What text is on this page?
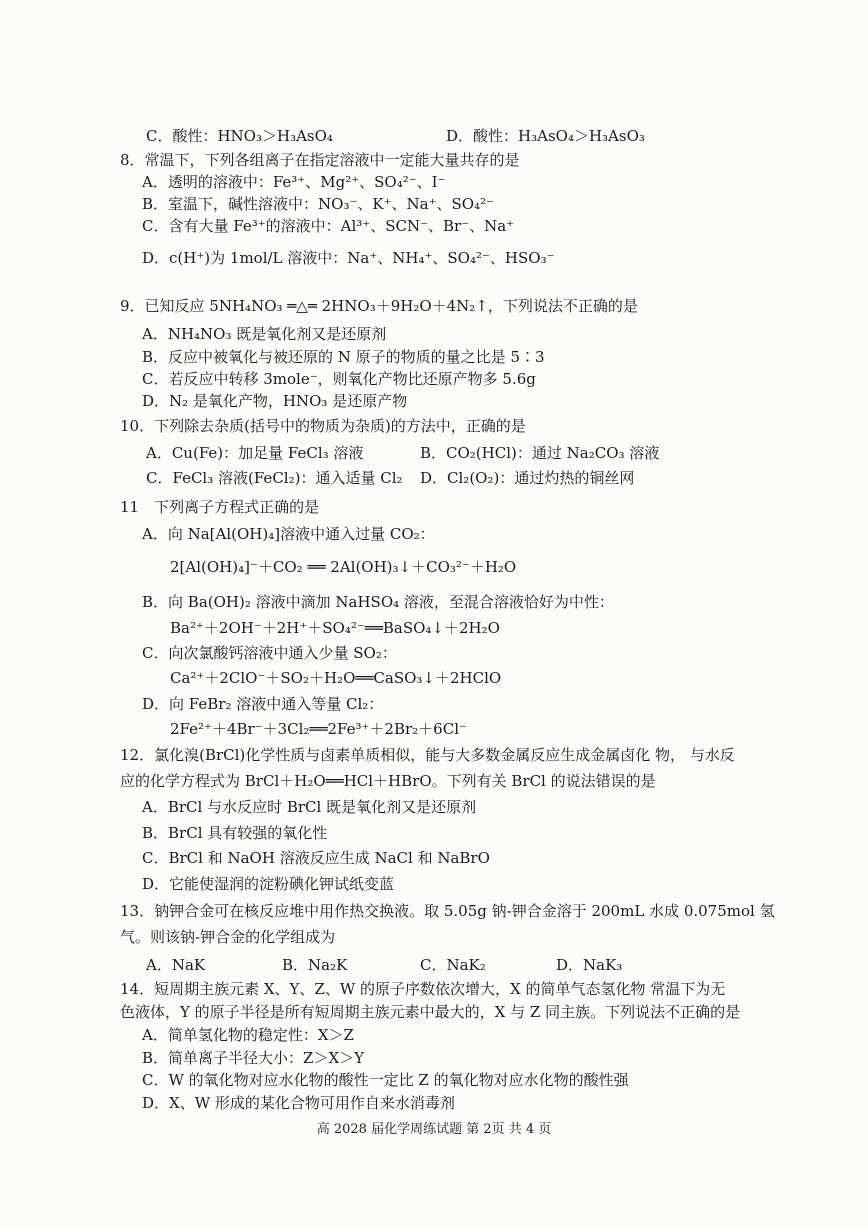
C．酸性：HNO₃＞H₃AsO₄	D．酸性：H₃AsO₄＞H₃AsO₃
8．常温下，下列各组离子在指定溶液中一定能大量共存的是
A．透明的溶液中：Fe³⁺、Mg²⁺、SO₄²⁻、I⁻
B．室温下，碱性溶液中：NO₃⁻、K⁺、Na⁺、SO₄²⁻
C．含有大量 Fe³⁺的溶液中：Al³⁺、SCN⁻、Br⁻、Na⁺
D．c(H⁺)为 1mol/L 溶液中：Na⁺、NH₄⁺、SO₄²⁻、HSO₃⁻
9．已知反应 5NH₄NO₃ ═△═ 2HNO₃＋9H₂O＋4N₂↑，下列说法不正确的是
A．NH₄NO₃ 既是氧化剂又是还原剂
B．反应中被氧化与被还原的 N 原子的物质的量之比是 5∶3
C．若反应中转移 3mole⁻，则氧化产物比还原产物多 5.6g
D．N₂ 是氧化产物，HNO₃ 是还原产物
10．下列除去杂质(括号中的物质为杂质)的方法中，正确的是
A．Cu(Fe)：加足量 FeCl₃ 溶液	B．CO₂(HCl)：通过 Na₂CO₃ 溶液
C．FeCl₃ 溶液(FeCl₂)：通入适量 Cl₂ D．Cl₂(O₂)：通过灼热的铜丝网
11　下列离子方程式正确的是
A．向 Na[Al(OH)₄]溶液中通入过量 CO₂：
2[Al(OH)₄]⁻＋CO₂ ══ 2Al(OH)₃↓＋CO₃²⁻＋H₂O
B．向 Ba(OH)₂ 溶液中滴加 NaHSO₄ 溶液，至混合溶液恰好为中性：
Ba²⁺＋2OH⁻＋2H⁺＋SO₄²⁻══BaSO₄↓＋2H₂O
C．向次氯酸钙溶液中通入少量 SO₂：
Ca²⁺＋2ClO⁻＋SO₂＋H₂O══CaSO₃↓＋2HClO
D．向 FeBr₂ 溶液中通入等量 Cl₂：
2Fe²⁺＋4Br⁻＋3Cl₂══2Fe³⁺＋2Br₂＋6Cl⁻
12．氯化溴(BrCl)化学性质与卤素单质相似，能与大多数金属反应生成金属卤化 物， 与水反
应的化学方程式为 BrCl＋H₂O══HCl＋HBrO。下列有关 BrCl 的说法错误的是
A．BrCl 与水反应时 BrCl 既是氧化剂又是还原剂
B．BrCl 具有较强的氧化性
C．BrCl 和 NaOH 溶液反应生成 NaCl 和 NaBrO
D．它能使湿润的淀粉碘化钾试纸变蓝
13．钠钾合金可在核反应堆中用作热交换液。取 5.05g 钠-钾合金溶于 200mL 水成 0.075mol 氢
气。则该钠-钾合金的化学组成为
A．NaK	B．Na₂K	C．NaK₂	D．NaK₃
14．短周期主族元素 X、Y、Z、W 的原子序数依次增大，X 的简单气态氢化物 常温下为无
色液体，Y 的原子半径是所有短周期主族元素中最大的，X 与 Z 同主族。下列说法不正确的是
A．简单氢化物的稳定性：X＞Z
B．简单离子半径大小：Z＞X＞Y
C．W 的氧化物对应水化物的酸性一定比 Z 的氧化物对应水化物的酸性强
D．X、W 形成的某化合物可用作自来水消毒剂
高 2028 届化学周练试题 第 2页 共 4 页
